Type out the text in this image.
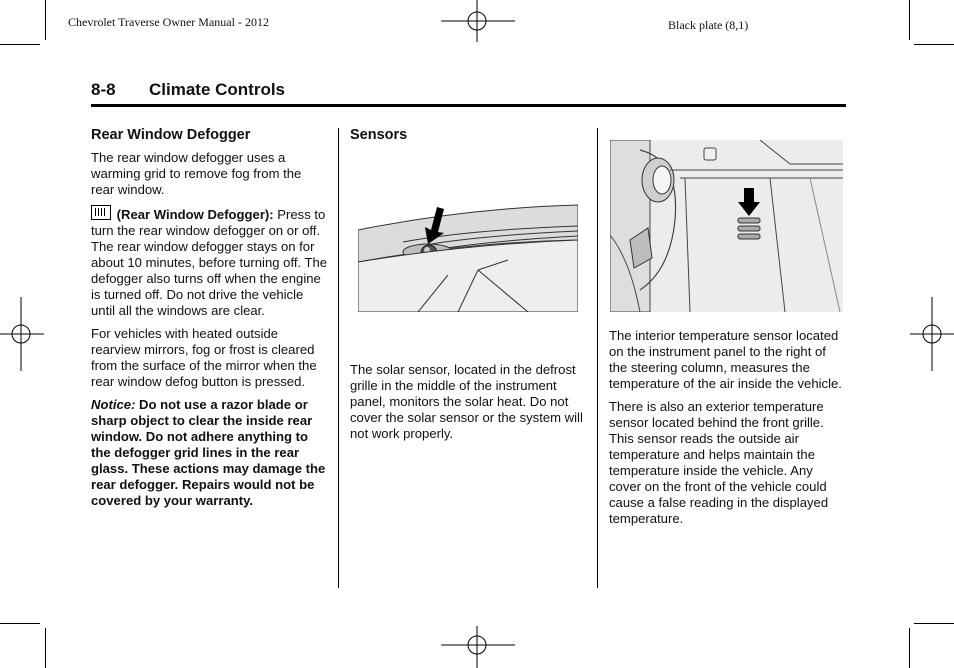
Chevrolet Traverse Owner Manual - 2012	Black plate (8,1)
8-8 Climate Controls
Rear Window Defogger

The rear window defogger uses a warming grid to remove fog from the rear window.

(Rear Window Defogger): Press to turn the rear window defogger on or off. The rear window defogger stays on for about 10 minutes, before turning off. The defogger also turns off when the engine is turned off. Do not drive the vehicle until all the windows are clear.

For vehicles with heated outside rearview mirrors, fog or frost is cleared from the surface of the mirror when the rear window defog button is pressed.

Notice: Do not use a razor blade or sharp object to clear the inside rear window. Do not adhere anything to the defogger grid lines in the rear glass. These actions may damage the rear defogger. Repairs would not be covered by your warranty.

Sensors

The solar sensor, located in the defrost grille in the middle of the instrument panel, monitors the solar heat. Do not cover the solar sensor or the system will not work properly.

The interior temperature sensor located on the instrument panel to the right of the steering column, measures the temperature of the air inside the vehicle.

There is also an exterior temperature sensor located behind the front grille. This sensor reads the outside air temperature and helps maintain the temperature inside the vehicle. Any cover on the front of the vehicle could cause a false reading in the displayed temperature.
